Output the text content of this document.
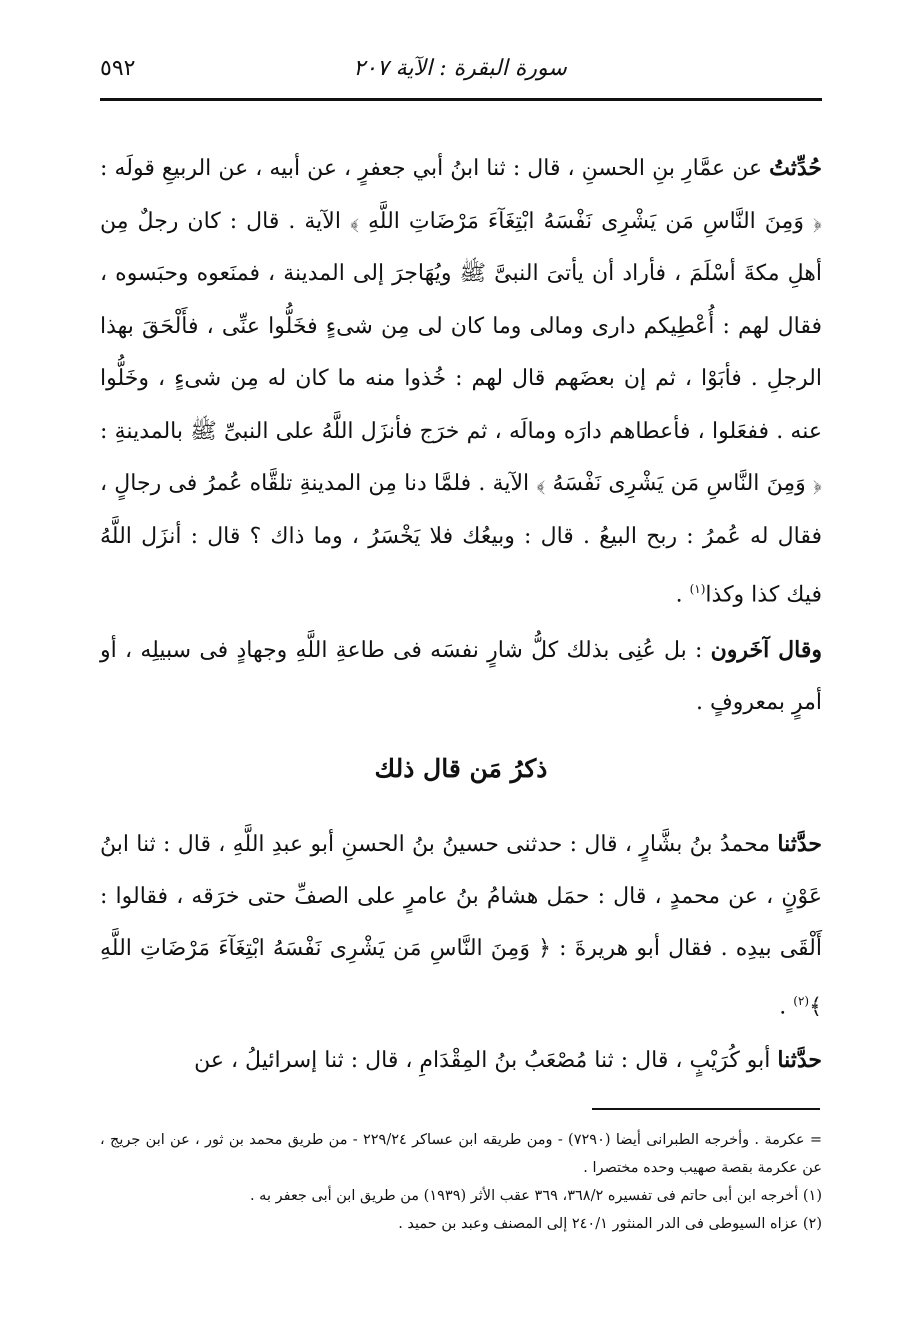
٥٩٢	سورة البقرة : الآية ٢٠٧
حُدِّثتُ عن عمَّارِ بنِ الحسنِ ، قال : ثنا ابنُ أبي جعفرٍ ، عن أبيه ، عن الربيعِ قولَه : ﴿ وَمِنَ النَّاسِ مَن يَشْرِى نَفْسَهُ ابْتِغَآءَ مَرْضَاتِ اللَّهِ ﴾ الآية . قال : كان رجلٌ مِن أهلِ مكةَ أسْلَمَ ، فأراد أن يأتىَ النبىَّ ﷺ ويُهَاجرَ إلى المدينة ، فمنَعوه وحبَسوه ، فقال لهم : أُعْطِيكم دارى ومالى وما كان لى مِن شىءٍ فخَلُّوا عنِّى ، فأَلْحَقَ بهذا الرجلِ . فأبَوْا ، ثم إن بعضَهم قال لهم : خُذوا منه ما كان له مِن شىءٍ ، وخَلُّوا عنه . ففعَلوا ، فأعطاهم دارَه ومالَه ، ثم خرَج فأنزَل اللَّهُ على النبىِّ ﷺ بالمدينةِ : ﴿ وَمِنَ النَّاسِ مَن يَشْرِى نَفْسَهُ ﴾ الآية . فلمَّا دنا مِن المدينةِ تلقَّاه عُمرُ فى رجالٍ ، فقال له عُمرُ : ربح البيعُ . قال : وبيعُك فلا يَخْسَرُ ، وما ذاك ؟ قال : أنزَل اللَّهُ فيك كذا وكذا$^{(١)}$ .
وقال آخَرون : بل عُنِى بذلك كلُّ شارٍ نفسَه فى طاعةِ اللَّهِ وجهادٍ فى سبيلِه ، أو أمرٍ بمعروفٍ .
ذكرُ مَن قال ذلك
حدَّثنا محمدُ بنُ بشَّارٍ ، قال : حدثنى حسينُ بنُ الحسنِ أبو عبدِ اللَّهِ ، قال : ثنا ابنُ عَوْنٍ ، عن محمدٍ ، قال : حمَل هشامُ بنُ عامرٍ على الصفِّ حتى خرَقه ، فقالوا : أَلْقَى بيدِه . فقال أبو هريرةَ : ﴿ وَمِنَ النَّاسِ مَن يَشْرِى نَفْسَهُ ابْتِغَآءَ مَرْضَاتِ اللَّهِ ﴾$^{(٢)}$ .
حدَّثنا أبو كُرَيْبٍ ، قال : ثنا مُصْعَبُ بنُ المِقْدَامِ ، قال : ثنا إسرائيلُ ، عن
= عكرمة . وأخرجه الطبرانى أيضا (٧٢٩٠) - ومن طريقه ابن عساكر ٢٢٩/٢٤ - من طريق محمد بن ثور ، عن ابن جريج ، عن عكرمة بقصة صهيب وحده مختصرا .
(١) أخرجه ابن أبى حاتم فى تفسيره ٣٦٨/٢، ٣٦٩ عقب الأثر (١٩٣٩) من طريق ابن أبى جعفر به .
(٢) عزاه السيوطى فى الدر المنثور ٢٤٠/١ إلى المصنف وعبد بن حميد .
